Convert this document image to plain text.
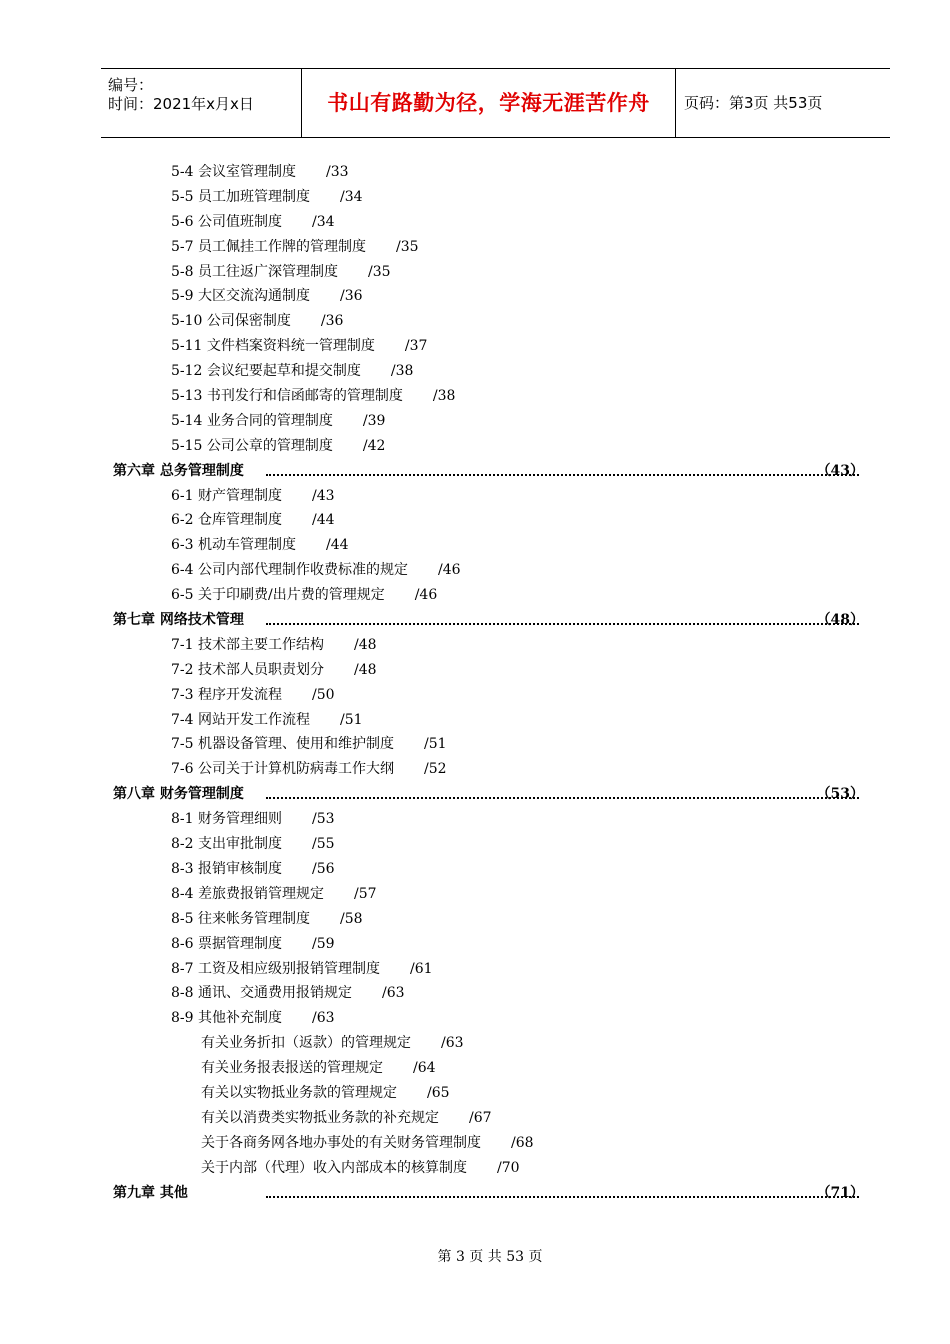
编号：
时间：2021年x月x日	书山有路勤为径，学海无涯苦作舟	页码：第3页 共53页
5-4 会议室管理制度 /33
5-5 员工加班管理制度 /34
5-6 公司值班制度 /34
5-7 员工佩挂工作牌的管理制度 /35
5-8 员工往返广深管理制度 /35
5-9 大区交流沟通制度 /36
5-10 公司保密制度 /36
5-11 文件档案资料统一管理制度 /37
5-12 会议纪要起草和提交制度 /38
5-13 书刊发行和信函邮寄的管理制度 /38
5-14 业务合同的管理制度 /39
5-15 公司公章的管理制度 /42
第六章 总务管理制度	（43）
6-1 财产管理制度 /43
6-2 仓库管理制度 /44
6-3 机动车管理制度 /44
6-4 公司内部代理制作收费标准的规定 /46
6-5 关于印刷费/出片费的管理规定 /46
第七章 网络技术管理	（48）
7-1 技术部主要工作结构 /48
7-2 技术部人员职责划分 /48
7-3 程序开发流程 /50
7-4 网站开发工作流程 /51
7-5 机器设备管理、使用和维护制度 /51
7-6 公司关于计算机防病毒工作大纲 /52
第八章 财务管理制度	（53）
8-1 财务管理细则 /53
8-2 支出审批制度 /55
8-3 报销审核制度 /56
8-4 差旅费报销管理规定 /57
8-5 往来帐务管理制度 /58
8-6 票据管理制度 /59
8-7 工资及相应级别报销管理制度 /61
8-8 通讯、交通费用报销规定 /63
8-9 其他补充制度 /63
有关业务折扣（返款）的管理规定 /63
有关业务报表报送的管理规定 /64
有关以实物抵业务款的管理规定 /65
有关以消费类实物抵业务款的补充规定 /67
关于各商务网各地办事处的有关财务管理制度 /68
关于内部（代理）收入内部成本的核算制度 /70
第九章 其他	（71）
第 3 页 共 53 页
